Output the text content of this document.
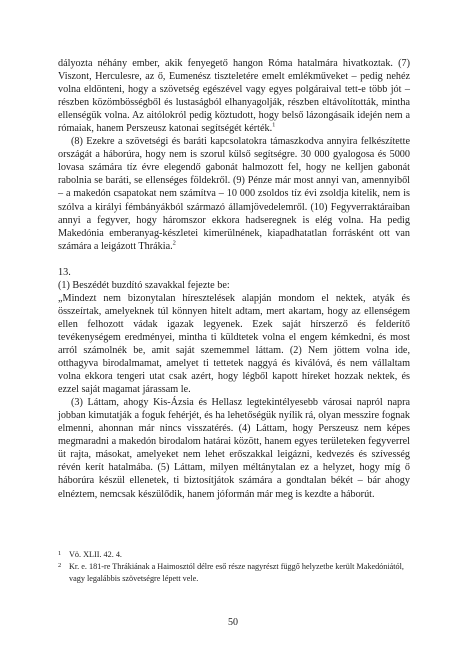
dályozta néhány ember, akik fenyegető hangon Róma hatalmára hivatkoztak. (7) Viszont, Herculesre, az ő, Eumenész tiszteletére emelt emlékműveket – pedig nehéz volna eldönteni, hogy a szövetség egészével vagy egyes polgáraival tett-e több jót – részben közömbösségből és lustaságból elhanyagolják, részben eltávolították, mintha ellenségük volna. Az aitólokról pedig köztudott, hogy belső lázongásaik idején nem a rómaiak, hanem Perszeusz katonai segítségét kérték.$^1$

(8) Ezekre a szövetségi és baráti kapcsolatokra támaszkodva annyira felkészítette országát a háborúra, hogy nem is szorul külső segítségre. 30 000 gyalogosa és 5000 lovasa számára tíz évre elegendő gabonát halmozott fel, hogy ne kelljen gabonát rabolnia se baráti, se ellenséges földekről. (9) Pénze már most annyi van, amennyiből – a makedón csapatokat nem számítva – 10 000 zsoldos tíz évi zsoldja kitelik, nem is szólva a királyi fémbányákból származó államjövedelemről. (10) Fegyverraktáraiban annyi a fegyver, hogy háromszor ekkora hadseregnek is elég volna. Ha pedig Makedónia emberanyag-készletei kimerülnének, kiapadhatatlan forrásként ott van számára a leigázott Thrákia.$^2$

13.

(1) Beszédét buzdító szavakkal fejezte be:

„Mindezt nem bizonytalan híresztelések alapján mondom el nektek, atyák és összeírtak, amelyeknek túl könnyen hitelt adtam, mert akartam, hogy az ellenségem ellen felhozott vádak igazak legyenek. Ezek saját hírszerző és felderítő tevékenységem eredményei, mintha ti küldtetek volna el engem kémkedni, és most arról számolnék be, amit saját szememmel láttam. (2) Nem jöttem volna ide, otthagyva birodalmamat, amelyet ti tettetek naggyá és kiválóvá, és nem vállaltam volna ekkora tengeri utat csak azért, hogy légből kapott híreket hozzak nektek, és ezzel saját magamat járassam le.

(3) Láttam, ahogy Kis-Ázsia és Hellasz legtekintélyesebb városai napról napra jobban kimutatják a foguk fehérjét, és ha lehetőségük nyílik rá, olyan messzire fognak elmenni, ahonnan már nincs visszatérés. (4) Láttam, hogy Perszeusz nem képes megmaradni a makedón birodalom határai között, hanem egyes területeken fegyverrel üt rajta, másokat, amelyeket nem lehet erőszakkal leigázni, kedvezés és szívesség révén kerít hatalmába. (5) Láttam, milyen méltánytalan ez a helyzet, hogy míg ő háborúra készül ellenetek, ti biztosítjátok számára a gondtalan békét – bár ahogy elnéztem, nemcsak készülődik, hanem jóformán már meg is kezdte a háborút.

1 Vö. XLII. 42. 4.
2 Kr. e. 181-re Thrákiának a Haimosztól délre eső része nagyrészt függő helyzetbe került Makedóniától, vagy legalábbis szövetségre lépett vele.
50
